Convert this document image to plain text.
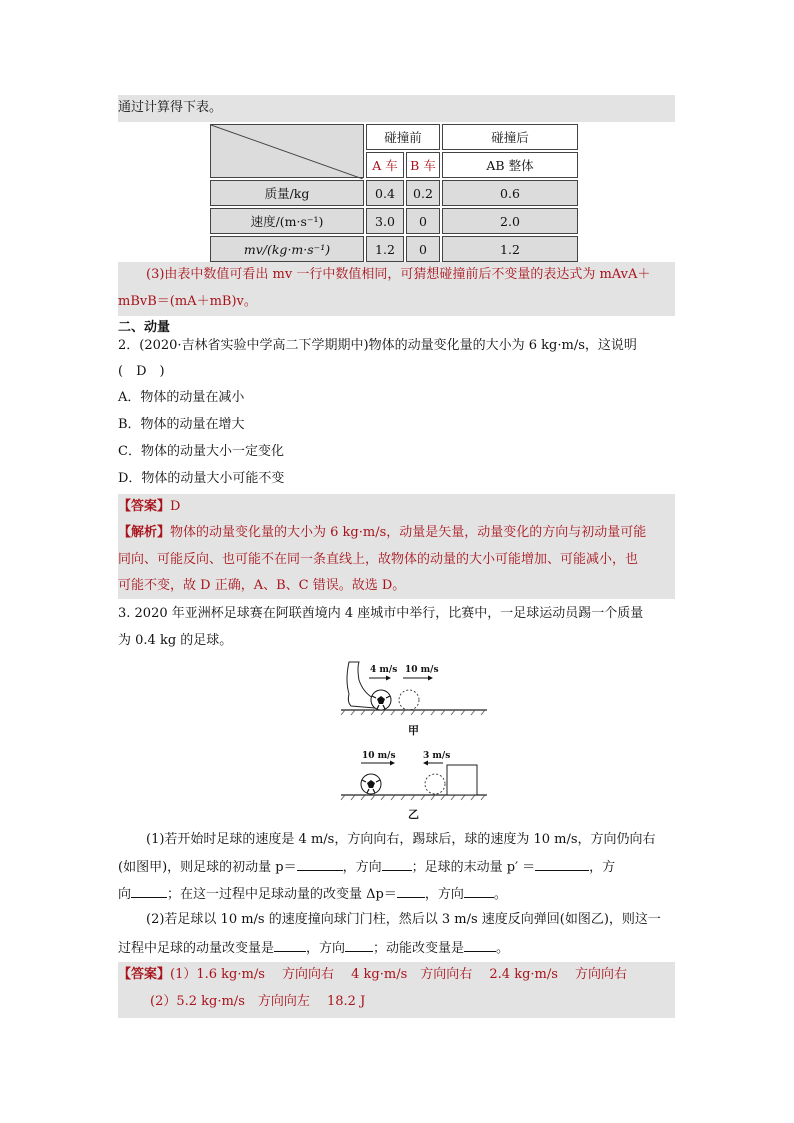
通过计算得下表。
	碰撞前		碰撞后
	A 车	B 车	AB 整体
质量/kg	0.4	0.2	0.6
速度/(m·s⁻¹)	3.0	0	2.0
mv/(kg·m·s⁻¹)	1.2	0	1.2
(3)由表中数值可看出 mv 一行中数值相同，可猜想碰撞前后不变量的表达式为 mAvA＋
mBvB＝(mA＋mB)v。
二、动量
2．(2020·吉林省实验中学高二下学期期中)物体的动量变化量的大小为 6 kg·m/s，这说明
(　D　)
A．物体的动量在减小
B．物体的动量在增大
C．物体的动量大小一定变化
D．物体的动量大小可能不变
【答案】D
【解析】物体的动量变化量的大小为 6 kg·m/s，动量是矢量，动量变化的方向与初动量可能
同向、可能反向、也可能不在同一条直线上，故物体的动量的大小可能增加、可能减小，也
可能不变，故 D 正确，A、B、C 错误。故选 D。
3. 2020 年亚洲杯足球赛在阿联酋境内 4 座城市中举行，比赛中，一足球运动员踢一个质量
为 0.4 kg 的足球。
4 m/s 10 m/s
甲
10 m/s	3 m/s
乙
(1)若开始时足球的速度是 4 m/s，方向向右，踢球后，球的速度为 10 m/s，方向仍向右
(如图甲)，则足球的初动量 p＝	，方向 ；足球的末动量 p′ ＝	，方
向	；在这一过程中足球动量的改变量 Δp＝ ，方向 。
(2)若足球以 10 m/s 的速度撞向球门门柱，然后以 3 m/s 速度反向弹回(如图乙)，则这一
过程中足球的动量改变量是 ，方向 ；动能改变量是 。
【答案】(1）1.6 kg·m/s　 方向向右　 4 kg·m/s　方向向右　 2.4 kg·m/s　 方向向右
(2）5.2 kg·m/s　方向向左　 18.2 J
